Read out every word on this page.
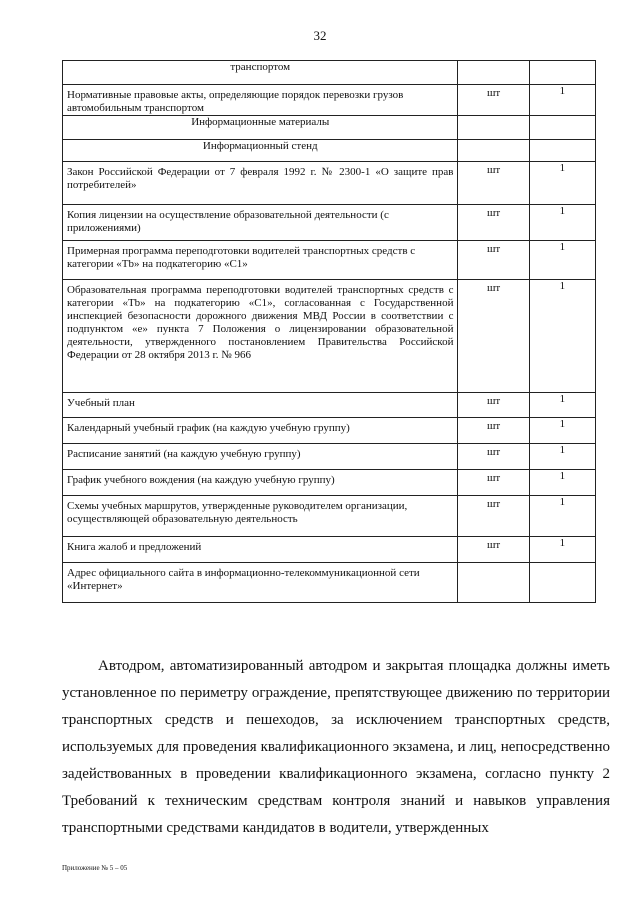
32
транспортом		
Нормативные правовые акты, определяющие порядок перевозки грузов автомобильным транспортом	шт	1
Информационные материалы		
Информационный стенд		
Закон Российской Федерации от 7 февраля 1992 г. № 2300-1 «О защите прав потребителей»	шт	1
Копия лицензии на осуществление образовательной деятельности (с приложениями)	шт	1
Примерная программа переподготовки водителей транспортных средств с категории «Тb» на подкатегорию «С1»	шт	1
Образовательная программа переподготовки водителей транспортных средств с категории «Тb» на подкатегорию «С1», согласованная с Государственной инспекцией безопасности дорожного движения МВД России в соответствии с подпунктом «е» пункта 7 Положения о лицензировании образовательной деятельности, утвержденного постановлением Правительства Российской Федерации от 28 октября 2013 г. № 966	шт	1
Учебный план	шт	1
Календарный учебный график (на каждую учебную группу)	шт	1
Расписание занятий (на каждую учебную группу)	шт	1
График учебного вождения (на каждую учебную группу)	шт	1
Схемы учебных маршрутов, утвержденные руководителем организации, осуществляющей образовательную деятельность	шт	1
Книга жалоб и предложений	шт	1
Адрес официального сайта в информационно-телекоммуникационной сети «Интернет»		

Автодром, автоматизированный автодром и закрытая площадка должны иметь установленное по периметру ограждение, препятствующее движению по территории транспортных средств и пешеходов, за исключением транспортных средств, используемых для проведения квалификационного экзамена, и лиц, непосредственно задействованных в проведении квалификационного экзамена, согласно пункту 2 Требований к техническим средствам контроля знаний и навыков управления транспортными средствами кандидатов в водители, утвержденных

Приложение № 5 – 05
